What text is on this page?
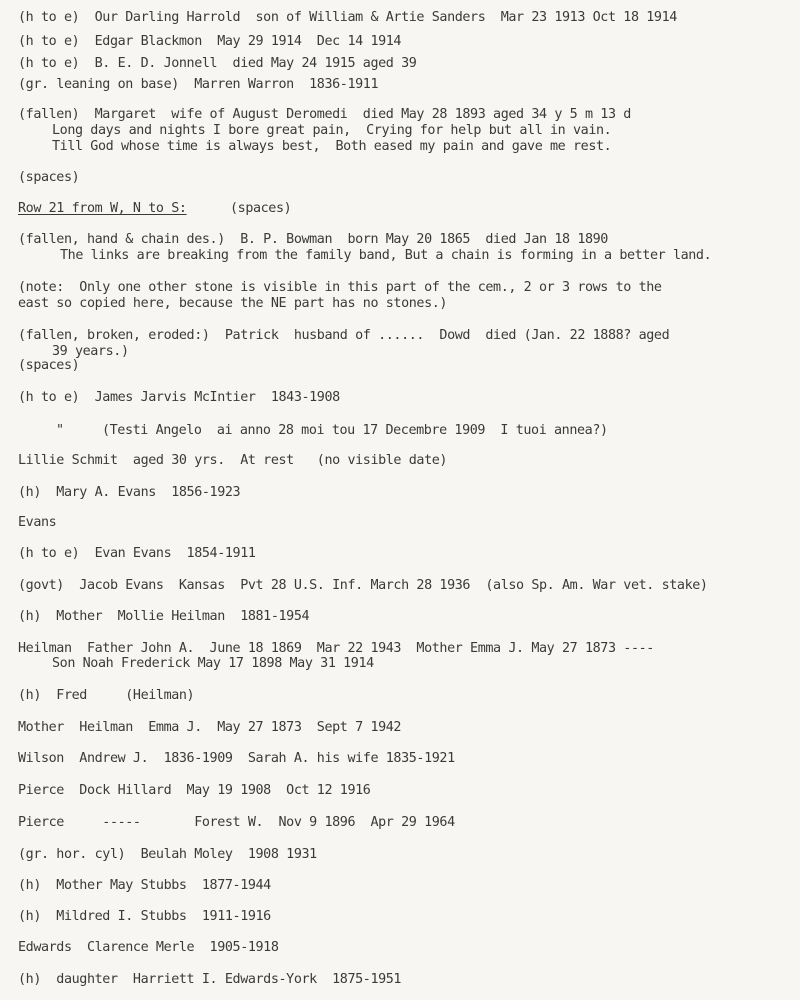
(h to e)  Our Darling Harrold  son of William & Artie Sanders  Mar 23 1913 Oct 18 1914
(h to e)  Edgar Blackmon  May 29 1914  Dec 14 1914
(h to e)  B. E. D. Jonnell  died May 24 1915 aged 39
(gr. leaning on base)  Marren Warron  1836-1911
(fallen)  Margaret  wife of August Deromedi  died May 28 1893 aged 34 y 5 m 13 d
Long days and nights I bore great pain,  Crying for help but all in vain.
Till God whose time is always best,  Both eased my pain and gave me rest.
(spaces)
Row 21 from W, N to S:	(spaces)
(fallen, hand & chain des.)  B. P. Bowman  born May 20 1865  died Jan 18 1890
The links are breaking from the family band, But a chain is forming in a better land.
(note:  Only one other stone is visible in this part of the cem., 2 or 3 rows to the
east so copied here, because the NE part has no stones.)
(fallen, broken, eroded:)  Patrick  husband of ......  Dowd  died (Jan. 22 1888? aged
39 years.)
(spaces)
(h to e)  James Jarvis McIntier  1843-1908
"     (Testi Angelo  ai anno 28 moi tou 17 Decembre 1909  I tuoi annea?)
Lillie Schmit  aged 30 yrs.  At rest   (no visible date)
(h)  Mary A. Evans  1856-1923
Evans
(h to e)  Evan Evans  1854-1911
(govt)  Jacob Evans  Kansas  Pvt 28 U.S. Inf. March 28 1936  (also Sp. Am. War vet. stake)
(h)  Mother  Mollie Heilman  1881-1954
Heilman  Father John A.  June 18 1869  Mar 22 1943  Mother Emma J. May 27 1873 ----
Son Noah Frederick May 17 1898 May 31 1914
(h)  Fred     (Heilman)
Mother  Heilman  Emma J.  May 27 1873  Sept 7 1942
Wilson  Andrew J.  1836-1909  Sarah A. his wife 1835-1921
Pierce  Dock Hillard  May 19 1908  Oct 12 1916
Pierce     -----       Forest W.  Nov 9 1896  Apr 29 1964
(gr. hor. cyl)  Beulah Moley  1908 1931
(h)  Mother May Stubbs  1877-1944
(h)  Mildred I. Stubbs  1911-1916
Edwards  Clarence Merle  1905-1918
(h)  daughter  Harriett I. Edwards-York  1875-1951
